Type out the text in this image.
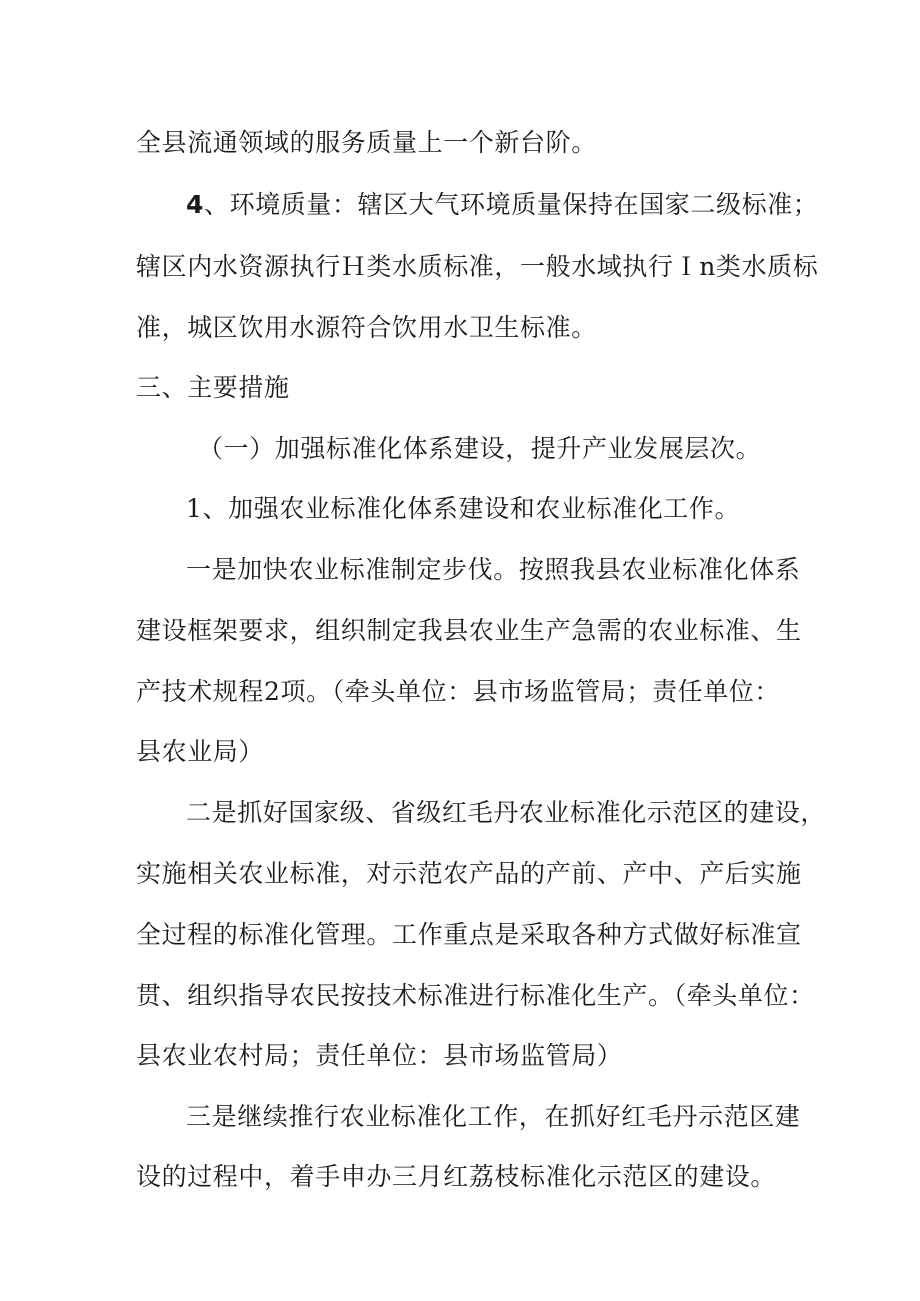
全县流通领域的服务质量上一个新台阶。
4、环境质量：辖区大气环境质量保持在国家二级标准；
辖区内水资源执行Ｈ类水质标准，一般水域执行Ｉn类水质标
准，城区饮用水源符合饮用水卫生标准。
三、主要措施
（一）加强标准化体系建设，提升产业发展层次。
1、加强农业标准化体系建设和农业标准化工作。
一是加快农业标准制定步伐。按照我县农业标准化体系
建设框架要求，组织制定我县农业生产急需的农业标准、生
产技术规程2项。（牵头单位：县市场监管局；责任单位：
县农业局）
二是抓好国家级、省级红毛丹农业标准化示范区的建设，
实施相关农业标准，对示范农产品的产前、产中、产后实施
全过程的标准化管理。工作重点是采取各种方式做好标准宣
贯、组织指导农民按技术标准进行标准化生产。（牵头单位：
县农业农村局；责任单位：县市场监管局）
三是继续推行农业标准化工作，在抓好红毛丹示范区建
设的过程中，着手申办三月红荔枝标准化示范区的建设。
